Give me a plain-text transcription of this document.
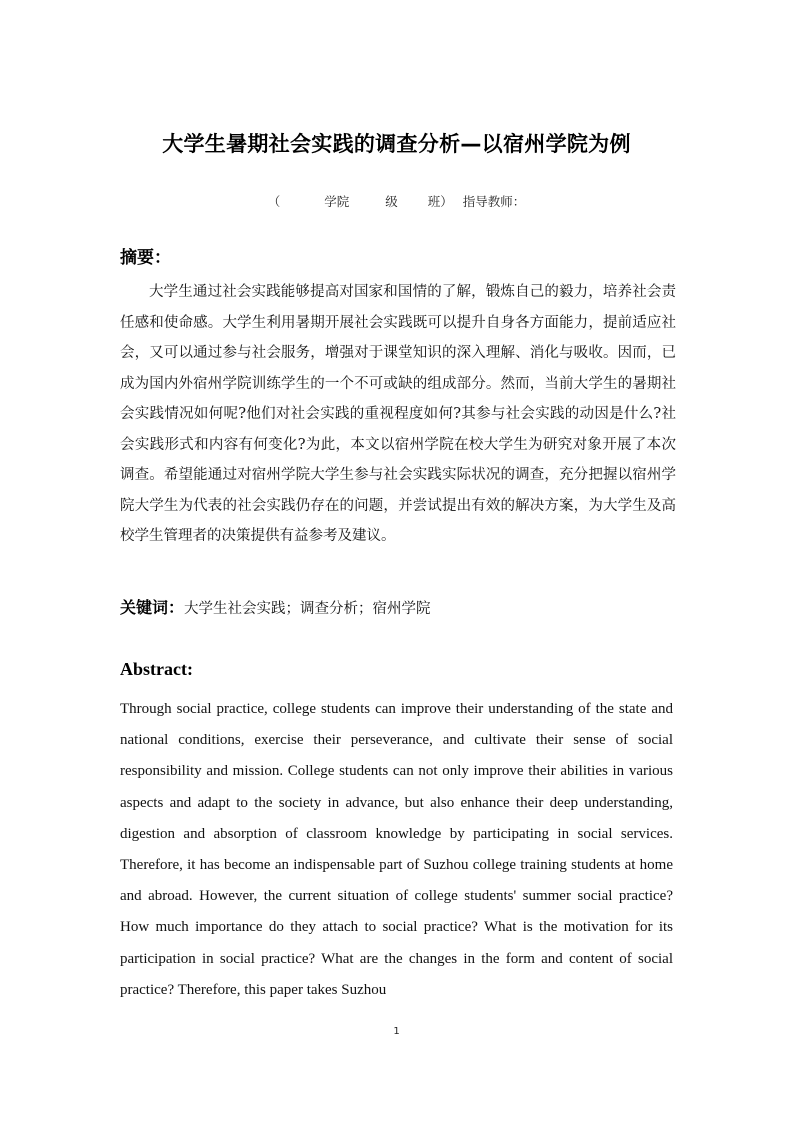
大学生暑期社会实践的调查分析—以宿州学院为例
（	学院	级 班） 指导教师：
摘要：

大学生通过社会实践能够提高对国家和国情的了解，锻炼自己的毅力，培养社会责任感和使命感。大学生利用暑期开展社会实践既可以提升自身各方面能力，提前适应社会，又可以通过参与社会服务，增强对于课堂知识的深入理解、消化与吸收。因而，已成为国内外宿州学院训练学生的一个不可或缺的组成部分。然而，当前大学生的暑期社会实践情况如何呢?他们对社会实践的重视程度如何?其参与社会实践的动因是什么?社会实践形式和内容有何变化?为此，本文以宿州学院在校大学生为研究对象开展了本次调查。希望能通过对宿州学院大学生参与社会实践实际状况的调查，充分把握以宿州学院大学生为代表的社会实践仍存在的问题，并尝试提出有效的解决方案，为大学生及高校学生管理者的决策提供有益参考及建议。

关键词：大学生社会实践；调查分析；宿州学院
Abstract:

Through social practice, college students can improve their understanding of the state and national conditions, exercise their perseverance, and cultivate their sense of social responsibility and mission. College students can not only improve their abilities in various aspects and adapt to the society in advance, but also enhance their deep understanding, digestion and absorption of classroom knowledge by participating in social services. Therefore, it has become an indispensable part of Suzhou college training students at home and abroad. However, the current situation of college students' summer social practice? How much importance do they attach to social practice? What is the motivation for its participation in social practice? What are the changes in the form and content of social practice? Therefore, this paper takes Suzhou

1
